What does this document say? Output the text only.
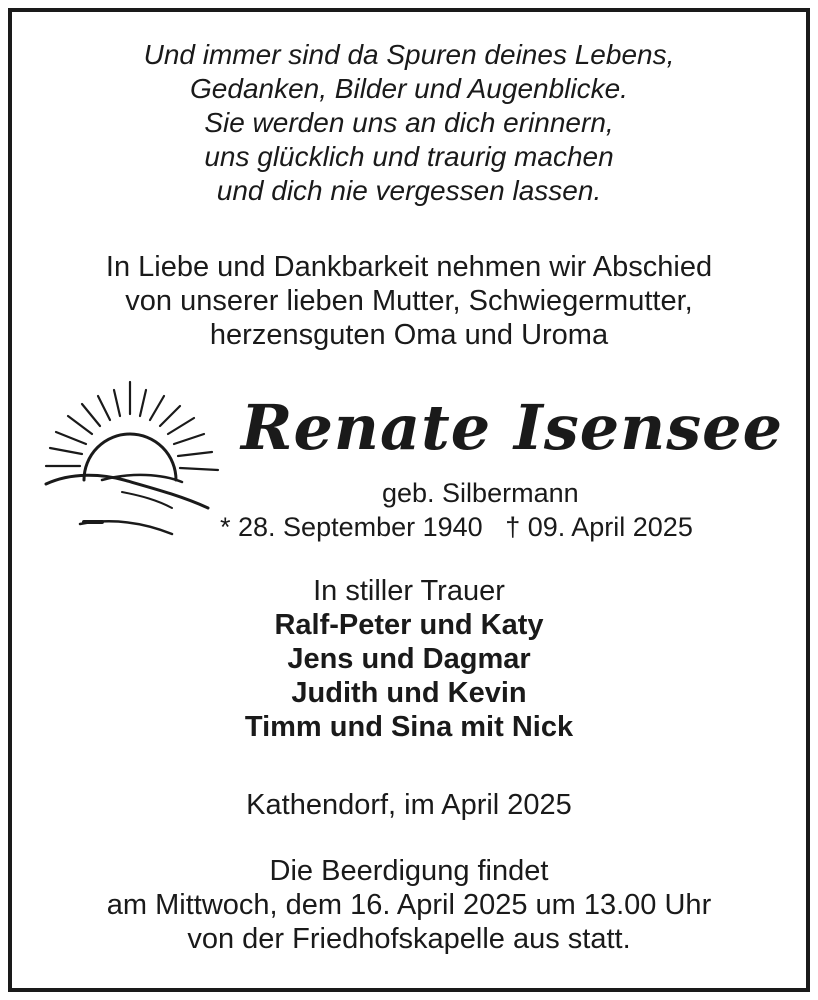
Und immer sind da Spuren deines Lebens,
Gedanken, Bilder und Augenblicke.
Sie werden uns an dich erinnern,
uns glücklich und traurig machen
und dich nie vergessen lassen.
In Liebe und Dankbarkeit nehmen wir Abschied
von unserer lieben Mutter, Schwiegermutter,
herzensguten Oma und Uroma
Renate Isensee
geb. Silbermann
* 28. September 1940   † 09. April 2025
In stiller Trauer
Ralf-Peter und Katy
Jens und Dagmar
Judith und Kevin
Timm und Sina mit Nick
Kathendorf, im April 2025
Die Beerdigung findet
am Mittwoch, dem 16. April 2025 um 13.00 Uhr
von der Friedhofskapelle aus statt.
